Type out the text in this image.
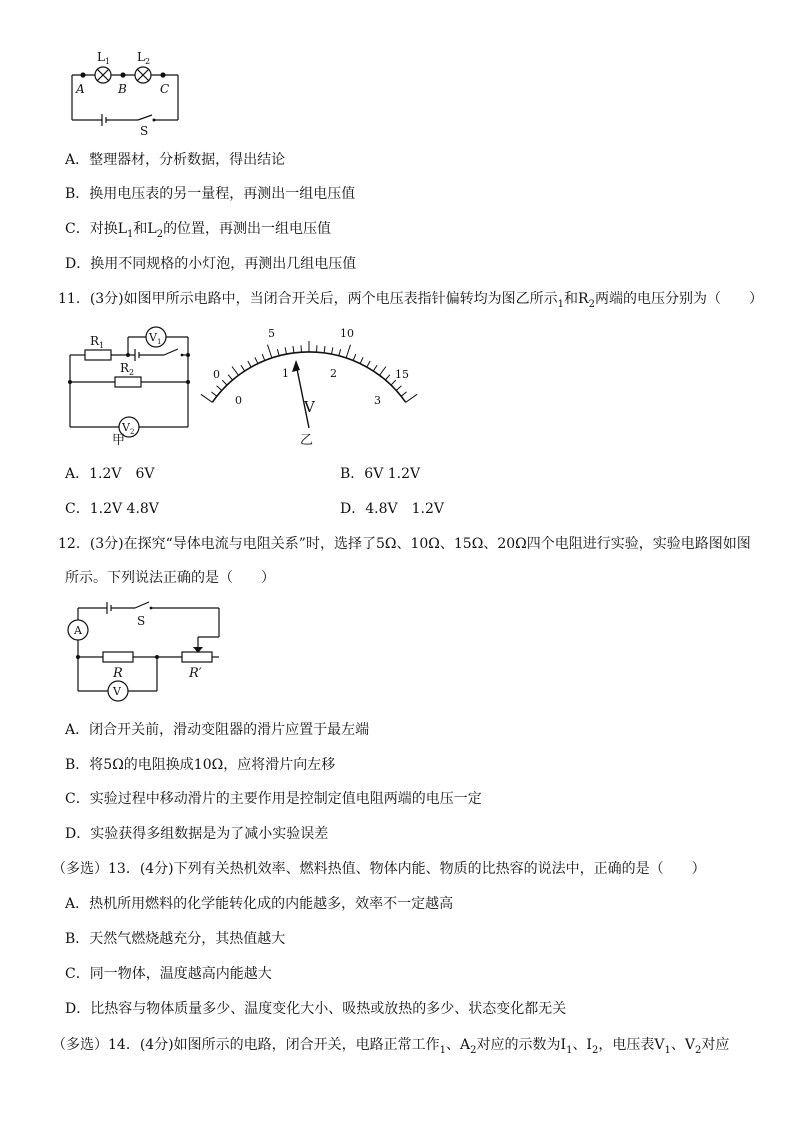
$L_1$ $L_2$
A	B	C
S
A．整理器材，分析数据，得出结论
B．换用电压表的另一量程，再测出一组电压值
C．对换$L_1$和$L_2$的位置，再测出一组电压值
D．换用不同规格的小灯泡，再测出几组电压值
11．(3分)如图甲所示电路中，当闭合开关后，两个电压表指针偏转均为图乙所示$_1$和$R_2$两端的电压分别为（　　）
$R_1$
$R_2$
$V_1$
$V_2$
甲
0
5	10
15
0
1	2
3
V
乙
A．1.2V　6V	B．6V 1.2V
C．1.2V 4.8V	D．4.8V　1.2V
12．(3分)在探究“导体电流与电阻关系”时，选择了5Ω、10Ω、15Ω、20Ω四个电阻进行实验，实验电路图如图
所示。下列说法正确的是（　　）
A
S
R	R′
V
A．闭合开关前，滑动变阻器的滑片应置于最左端
B．将5Ω的电阻换成10Ω，应将滑片向左移
C．实验过程中移动滑片的主要作用是控制定值电阻两端的电压一定
D．实验获得多组数据是为了减小实验误差
（多选）13．(4分)下列有关热机效率、燃料热值、物体内能、物质的比热容的说法中，正确的是（　　）
A．热机所用燃料的化学能转化成的内能越多，效率不一定越高
B．天然气燃烧越充分，其热值越大
C．同一物体，温度越高内能越大
D．比热容与物体质量多少、温度变化大小、吸热或放热的多少、状态变化都无关
（多选）14．(4分)如图所示的电路，闭合开关，电路正常工作$_1$、$A_2$对应的示数为$I_1$、$I_2$，电压表$V_1$、$V_2$对应
